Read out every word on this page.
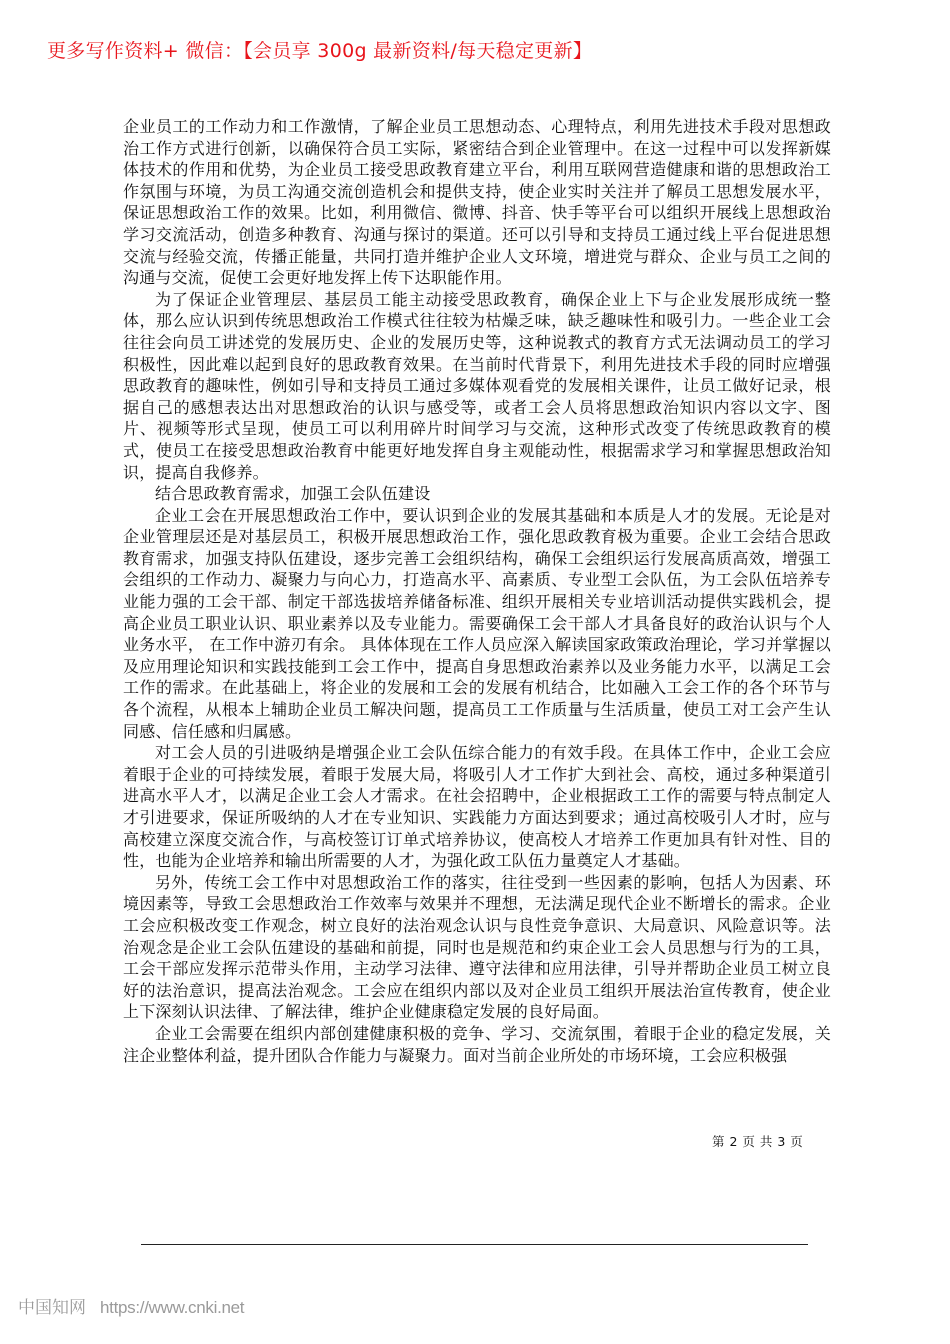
更多写作资料+ 微信：【会员享 300g 最新资料/每天稳定更新】

企业员工的工作动力和工作激情，了解企业员工思想动态、心理特点，利用先进技术手段对思想政治工作方式进行创新，以确保符合员工实际，紧密结合到企业管理中。在这一过程中可以发挥新媒体技术的作用和优势，为企业员工接受思政教育建立平台，利用互联网营造健康和谐的思想政治工作氛围与环境，为员工沟通交流创造机会和提供支持，使企业实时关注并了解员工思想发展水平，保证思想政治工作的效果。比如，利用微信、微博、抖音、快手等平台可以组织开展线上思想政治学习交流活动，创造多种教育、沟通与探讨的渠道。还可以引导和支持员工通过线上平台促进思想交流与经验交流，传播正能量，共同打造并维护企业人文环境，增进党与群众、企业与员工之间的沟通与交流，促使工会更好地发挥上传下达职能作用。

为了保证企业管理层、基层员工能主动接受思政教育，确保企业上下与企业发展形成统一整体，那么应认识到传统思想政治工作模式往往较为枯燥乏味，缺乏趣味性和吸引力。一些企业工会往往会向员工讲述党的发展历史、企业的发展历史等，这种说教式的教育方式无法调动员工的学习积极性，因此难以起到良好的思政教育效果。在当前时代背景下，利用先进技术手段的同时应增强思政教育的趣味性，例如引导和支持员工通过多媒体观看党的发展相关课件，让员工做好记录，根据自己的感想表达出对思想政治的认识与感受等，或者工会人员将思想政治知识内容以文字、图片、视频等形式呈现，使员工可以利用碎片时间学习与交流，这种形式改变了传统思政教育的模式，使员工在接受思想政治教育中能更好地发挥自身主观能动性，根据需求学习和掌握思想政治知识，提高自我修养。

结合思政教育需求，加强工会队伍建设

企业工会在开展思想政治工作中，要认识到企业的发展其基础和本质是人才的发展。无论是对企业管理层还是对基层员工，积极开展思想政治工作，强化思政教育极为重要。企业工会结合思政教育需求，加强支持队伍建设，逐步完善工会组织结构，确保工会组织运行发展高质高效，增强工会组织的工作动力、凝聚力与向心力，打造高水平、高素质、专业型工会队伍，为工会队伍培养专业能力强的工会干部、制定干部选拔培养储备标准、组织开展相关专业培训活动提供实践机会，提高企业员工职业认识、职业素养以及专业能力。需要确保工会干部人才具备良好的政治认识与个人业务水平， 在工作中游刃有余。 具体体现在工作人员应深入解读国家政策政治理论，学习并掌握以及应用理论知识和实践技能到工会工作中，提高自身思想政治素养以及业务能力水平，以满足工会工作的需求。在此基础上，将企业的发展和工会的发展有机结合，比如融入工会工作的各个环节与各个流程，从根本上辅助企业员工解决问题，提高员工工作质量与生活质量，使员工对工会产生认同感、信任感和归属感。

对工会人员的引进吸纳是增强企业工会队伍综合能力的有效手段。在具体工作中，企业工会应着眼于企业的可持续发展，着眼于发展大局，将吸引人才工作扩大到社会、高校，通过多种渠道引进高水平人才，以满足企业工会人才需求。在社会招聘中，企业根据政工工作的需要与特点制定人才引进要求，保证所吸纳的人才在专业知识、实践能力方面达到要求；通过高校吸引人才时，应与高校建立深度交流合作，与高校签订订单式培养协议，使高校人才培养工作更加具有针对性、目的性，也能为企业培养和输出所需要的人才，为强化政工队伍力量奠定人才基础。

另外，传统工会工作中对思想政治工作的落实，往往受到一些因素的影响，包括人为因素、环境因素等，导致工会思想政治工作效率与效果并不理想，无法满足现代企业不断增长的需求。企业工会应积极改变工作观念，树立良好的法治观念认识与良性竞争意识、大局意识、风险意识等。法治观念是企业工会队伍建设的基础和前提，同时也是规范和约束企业工会人员思想与行为的工具，工会干部应发挥示范带头作用，主动学习法律、遵守法律和应用法律，引导并帮助企业员工树立良好的法治意识，提高法治观念。工会应在组织内部以及对企业员工组织开展法治宣传教育，使企业上下深刻认识法律、了解法律，维护企业健康稳定发展的良好局面。

企业工会需要在组织内部创建健康积极的竞争、学习、交流氛围，着眼于企业的稳定发展，关注企业整体利益，提升团队合作能力与凝聚力。面对当前企业所处的市场环境，工会应积极强

第 2 页 共 3 页
中国知网 https://www.cnki.net
